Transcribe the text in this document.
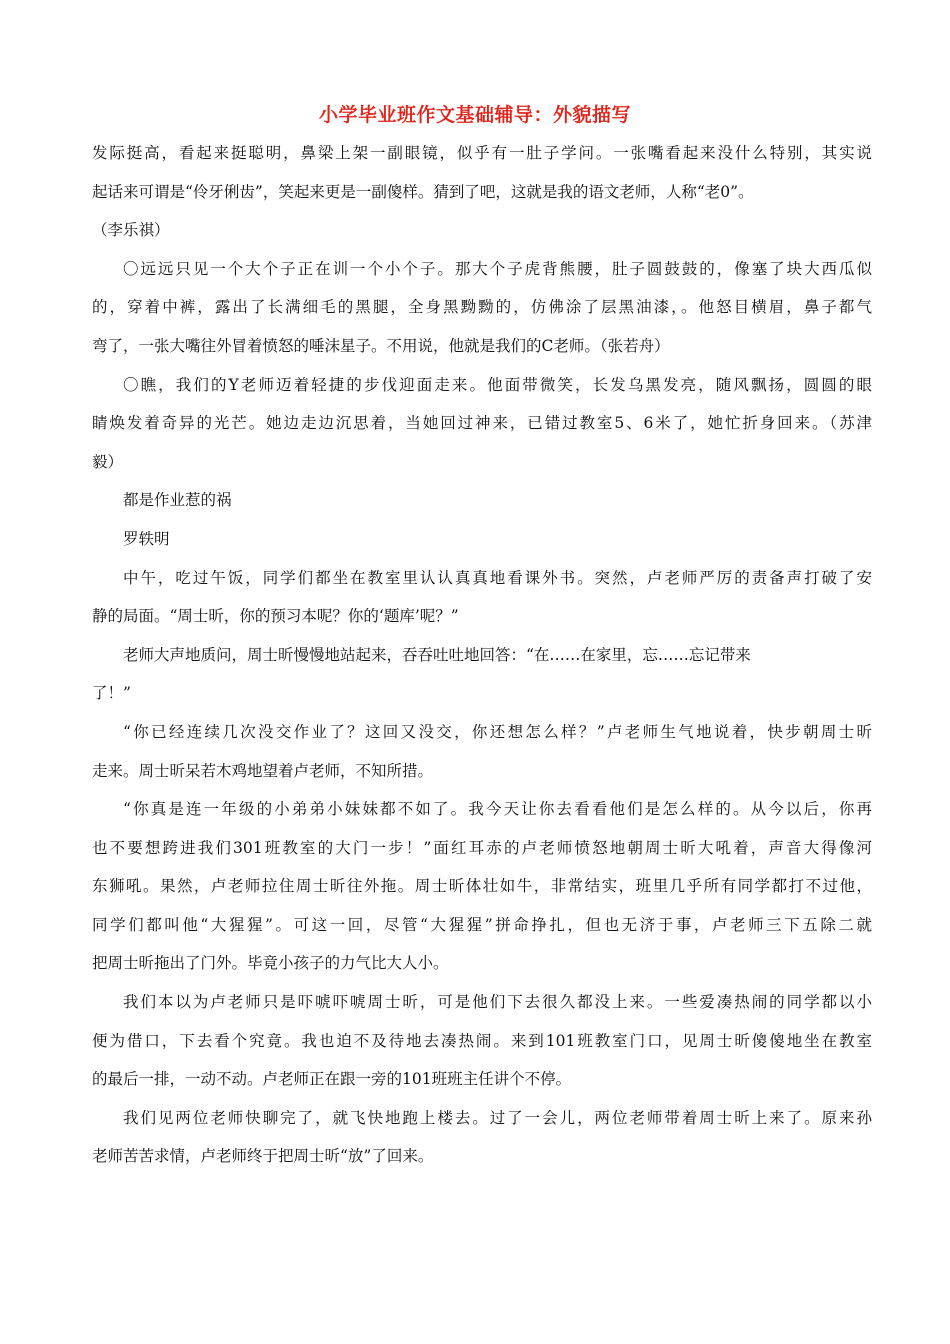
小学毕业班作文基础辅导：外貌描写
发际挺高，看起来挺聪明，鼻梁上架一副眼镜，似乎有一肚子学问。一张嘴看起来没什么特别，其实说
起话来可谓是“伶牙俐齿”，笑起来更是一副傻样。猜到了吧，这就是我的语文老师，人称“老0”。
（李乐祺）
〇远远只见一个大个子正在训一个小个子。那大个子虎背熊腰，肚子圆鼓鼓的，像塞了块大西瓜似
的，穿着中裤，露出了长满细毛的黑腿，全身黑黝黝的，仿佛涂了层黑油漆，。他怒目横眉，鼻子都气
弯了，一张大嘴往外冒着愤怒的唾沫星子。不用说，他就是我们的C老师。（张若舟）
〇瞧，我们的Y老师迈着轻捷的步伐迎面走来。他面带微笑，长发乌黑发亮，随风飘扬，圆圆的眼
睛焕发着奇异的光芒。她边走边沉思着，当她回过神来，已错过教室5、6米了，她忙折身回来。（苏津
毅）
都是作业惹的祸
罗轶明
中午，吃过午饭，同学们都坐在教室里认认真真地看课外书。突然，卢老师严厉的责备声打破了安
静的局面。“周士昕，你的预习本呢？你的‘题库’呢？”
老师大声地质问，周士昕慢慢地站起来，吞吞吐吐地回答：“在……在家里，忘……忘记带来
了！”
“你已经连续几次没交作业了？这回又没交，你还想怎么样？”卢老师生气地说着，快步朝周士昕
走来。周士昕呆若木鸡地望着卢老师，不知所措。
“你真是连一年级的小弟弟小妹妹都不如了。我今天让你去看看他们是怎么样的。从今以后，你再
也不要想跨进我们301班教室的大门一步！”面红耳赤的卢老师愤怒地朝周士昕大吼着，声音大得像河
东狮吼。果然，卢老师拉住周士昕往外拖。周士昕体壮如牛，非常结实，班里几乎所有同学都打不过他，
同学们都叫他“大猩猩”。可这一回，尽管“大猩猩”拼命挣扎，但也无济于事，卢老师三下五除二就
把周士昕拖出了门外。毕竟小孩子的力气比大人小。
我们本以为卢老师只是吓唬吓唬周士昕，可是他们下去很久都没上来。一些爱凑热闹的同学都以小
便为借口，下去看个究竟。我也迫不及待地去凑热闹。来到101班教室门口，见周士昕傻傻地坐在教室
的最后一排，一动不动。卢老师正在跟一旁的101班班主任讲个不停。
我们见两位老师快聊完了，就飞快地跑上楼去。过了一会儿，两位老师带着周士昕上来了。原来孙
老师苦苦求情，卢老师终于把周士昕“放”了回来。
